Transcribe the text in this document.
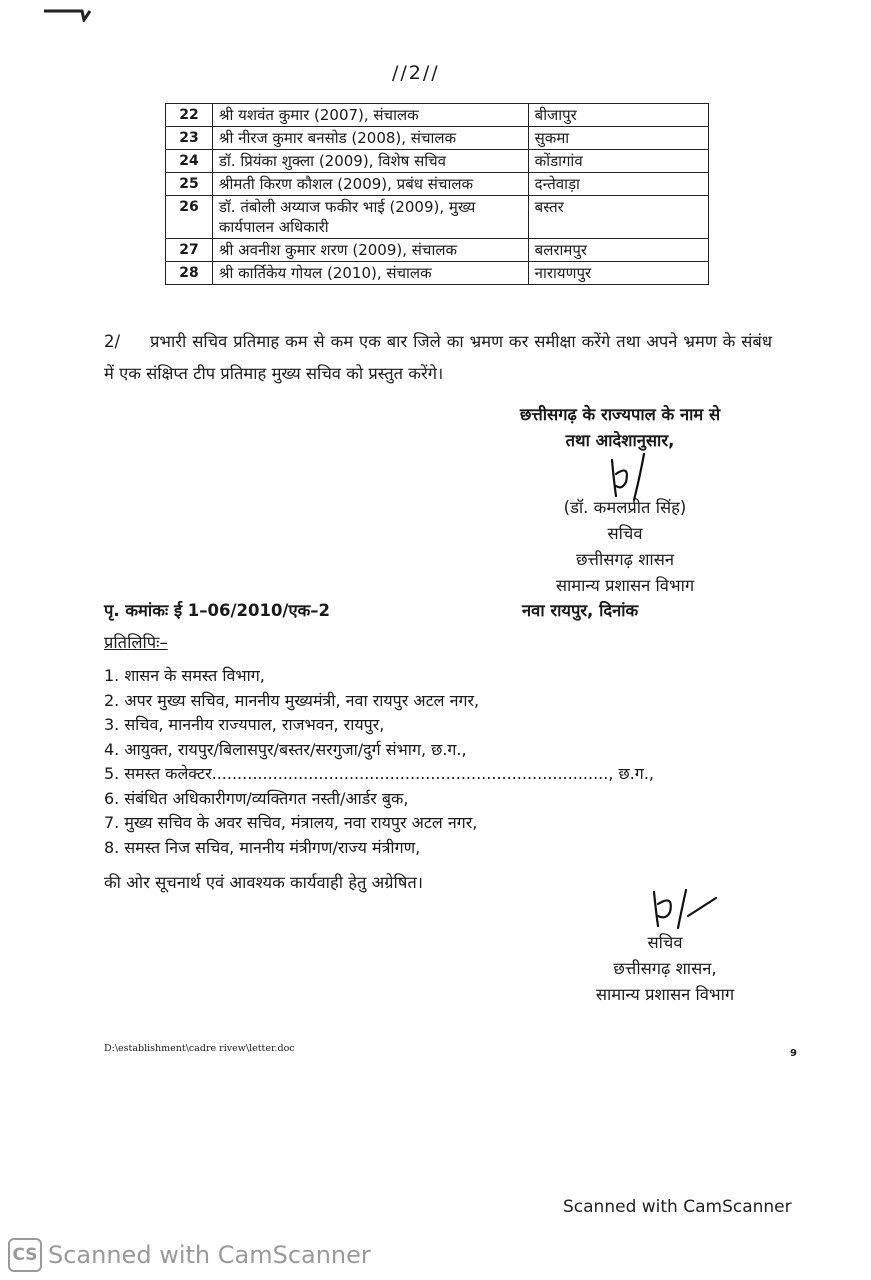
//2//
22	श्री यशवंत कुमार (2007), संचालक	बीजापुर
23	श्री नीरज कुमार बनसोड (2008), संचालक	सुकमा
24	डॉ. प्रियंका शुक्ला (2009), विशेष सचिव	कोंडागांव
25	श्रीमती किरण कौशल (2009), प्रबंध संचालक	दन्तेवाड़ा
26	डॉ. तंबोली अय्याज फकीर भाई (2009), मुख्य कार्यपालन अधिकारी	बस्तर
27	श्री अवनीश कुमार शरण (2009), संचालक	बलरामपुर
28	श्री कार्तिकेय गोयल (2010), संचालक	नारायणपुर
2/ प्रभारी सचिव प्रतिमाह कम से कम एक बार जिले का भ्रमण कर समीक्षा करेंगे तथा अपने भ्रमण के संबंध में एक संक्षिप्त टीप प्रतिमाह मुख्य सचिव को प्रस्तुत करेंगे।
छत्तीसगढ़ के राज्यपाल के नाम से
तथा आदेशानुसार,
(डॉ. कमलप्रीत सिंह)
सचिव
छत्तीसगढ़ शासन
सामान्य प्रशासन विभाग
पृ. कमांकः ई 1–06/2010/एक–2	नवा रायपुर, दिनांक
प्रतिलिपिः–
1. शासन के समस्त विभाग,
2. अपर मुख्य सचिव, माननीय मुख्यमंत्री, नवा रायपुर अटल नगर,
3. सचिव, माननीय राज्यपाल, राजभवन, रायपुर,
4. आयुक्त, रायपुर/बिलासपुर/बस्तर/सरगुजा/दुर्ग संभाग, छ.ग.,
5. समस्त कलेक्टर.............................................................................., छ.ग.,
6. संबंधित अधिकारीगण/व्यक्तिगत नस्ती/आर्डर बुक,
7. मुख्य सचिव के अवर सचिव, मंत्रालय, नवा रायपुर अटल नगर,
8. समस्त निज सचिव, माननीय मंत्रीगण/राज्य मंत्रीगण,
की ओर सूचनार्थ एवं आवश्यक कार्यवाही हेतु अग्रेषित।
सचिव
छत्तीसगढ़ शासन,
सामान्य प्रशासन विभाग
D:\establishment\cadre rivew\letter.doc	9
Scanned with CamScanner
CS Scanned with CamScanner
